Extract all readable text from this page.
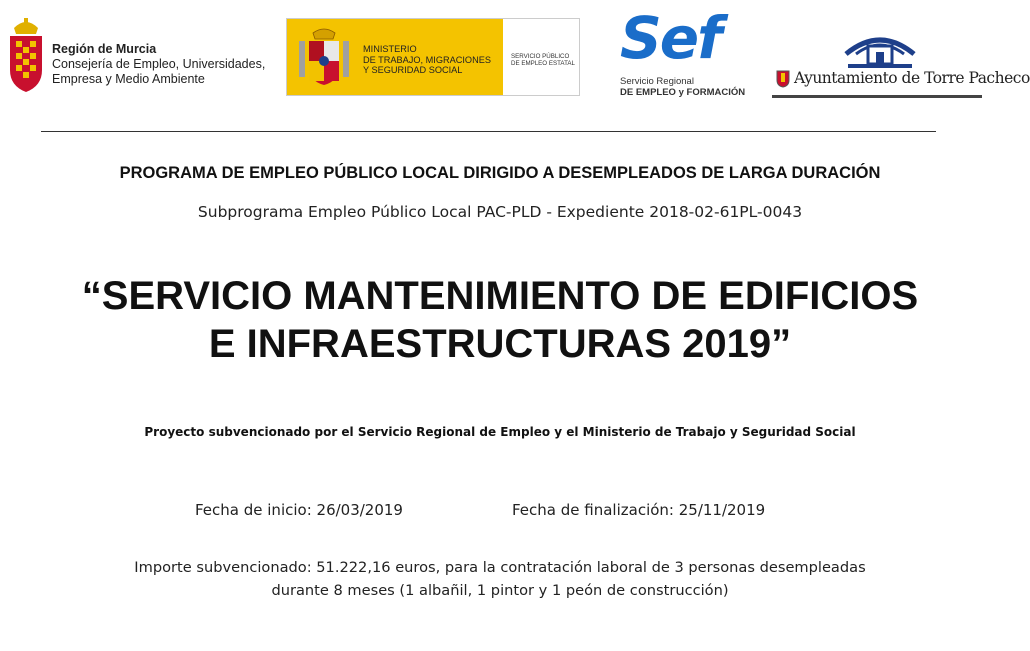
Región de Murcia
Consejería de Empleo, Universidades,
Empresa y Medio Ambiente
MINISTERIO
DE TRABAJO, MIGRACIONES
Y SEGURIDAD SOCIAL
SERVICIO PÚBLICO
DE EMPLEO ESTATAL Sef
Servicio Regional
DE EMPLEO y FORMACIÓN
Ayuntamiento de Torre Pacheco
PROGRAMA DE EMPLEO PÚBLICO LOCAL DIRIGIDO A DESEMPLEADOS DE LARGA DURACIÓN
Subprograma Empleo Público Local PAC-PLD - Expediente 2018-02-61PL-0043
“SERVICIO MANTENIMIENTO DE EDIFICIOS
E INFRAESTRUCTURAS 2019”
Proyecto subvencionado por el Servicio Regional de Empleo y el Ministerio de Trabajo y Seguridad Social
Fecha de inicio: 26/03/2019	Fecha de finalización: 25/11/2019
Importe subvencionado: 51.222,16 euros, para la contratación laboral de 3 personas desempleadas
durante 8 meses (1 albañil, 1 pintor y 1 peón de construcción)
